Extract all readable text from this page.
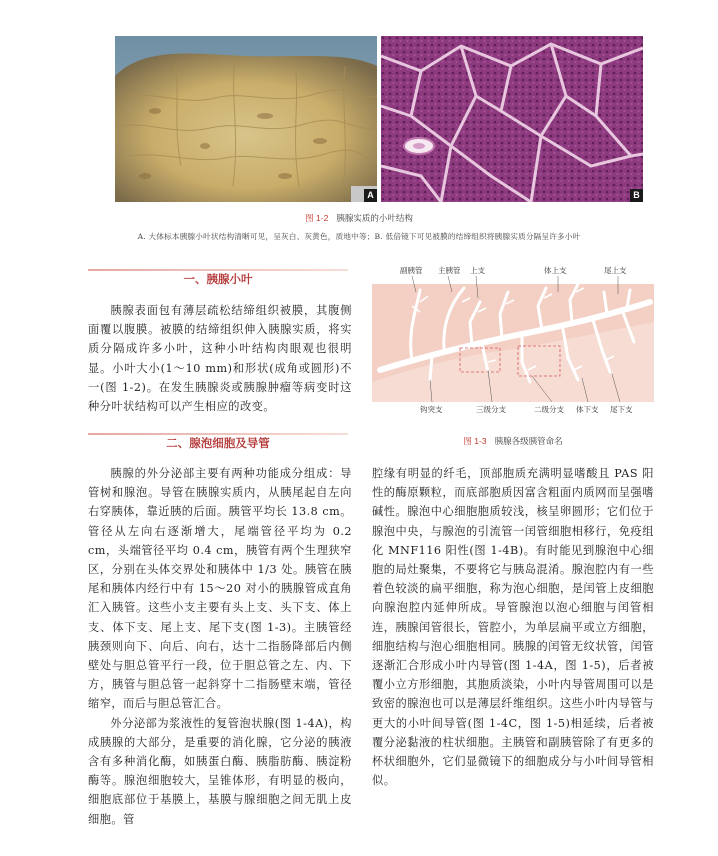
A	B
图 1-2 胰腺实质的小叶结构
A. 大体标本胰腺小叶状结构清晰可见，呈灰白、灰黄色，质地中等；B. 低倍镜下可见被膜的结缔组织将胰腺实质分隔呈许多小叶
一、胰腺小叶

胰腺表面包有薄层疏松结缔组织被膜，其腹侧面覆以腹膜。被膜的结缔组织伸入胰腺实质，将实质分隔成许多小叶，这种小叶结构肉眼观也很明显。小叶大小(1～10 mm)和形状(成角或圆形)不一(图 1-2)。在发生胰腺炎或胰腺肿瘤等病变时这种分叶状结构可以产生相应的改变。

副胰管 主胰管 上支	体上支	尾上支
钩突支	三级分支	二级分支 体下支 尾下支
图 1-3 胰腺各级胰管命名
二、腺泡细胞及导管

胰腺的外分泌部主要有两种功能成分组成：导管树和腺泡。导管在胰腺实质内，从胰尾起自左向右穿胰体，靠近胰的后面。胰管平均长 13.8 cm。管径从左向右逐渐增大，尾端管径平均为 0.2 cm，头端管径平均 0.4 cm，胰管有两个生理狭窄区，分别在头体交界处和胰体中 1/3 处。胰管在胰尾和胰体内经行中有 15～20 对小的胰腺管成直角汇入胰管。这些小支主要有头上支、头下支、体上支、体下支、尾上支、尾下支(图 1-3)。主胰管经胰颈则向下、向后、向右，达十二指肠降部后内侧壁处与胆总管平行一段，位于胆总管之左、内、下方，胰管与胆总管一起斜穿十二指肠壁末端，管径缩窄，而后与胆总管汇合。

外分泌部为浆液性的复管泡状腺(图 1-4A)，构成胰腺的大部分，是重要的消化腺，它分泌的胰液含有多种消化酶，如胰蛋白酶、胰脂肪酶、胰淀粉酶等。腺泡细胞较大，呈锥体形，有明显的极向，细胞底部位于基膜上，基膜与腺细胞之间无肌上皮细胞。管

腔缘有明显的纤毛，顶部胞质充满明显嗜酸且 PAS 阳性的酶原颗粒，而底部胞质因富含粗面内质网而呈强嗜碱性。腺泡中心细胞胞质较浅，核呈卵圆形；它们位于腺泡中央，与腺泡的引流管一闰管细胞相移行，免疫组化 MNF116 阳性(图 1-4B)。有时能见到腺泡中心细胞的局灶聚集，不要将它与胰岛混淆。腺泡腔内有一些着色较淡的扁平细胞，称为泡心细胞，是闰管上皮细胞向腺泡腔内延伸所成。导管腺泡以泡心细胞与闰管相连，胰腺闰管很长，管腔小，为单层扁平或立方细胞，细胞结构与泡心细胞相同。胰腺的闰管无纹状管，闰管逐渐汇合形成小叶内导管(图 1-4A，图 1-5)，后者被覆小立方形细胞，其胞质淡染，小叶内导管周围可以是致密的腺泡也可以是薄层纤维组织。这些小叶内导管与更大的小叶间导管(图 1-4C，图 1-5)相延续，后者被覆分泌黏液的柱状细胞。主胰管和副胰管除了有更多的杯状细胞外，它们显微镜下的细胞成分与小叶间导管相似。
